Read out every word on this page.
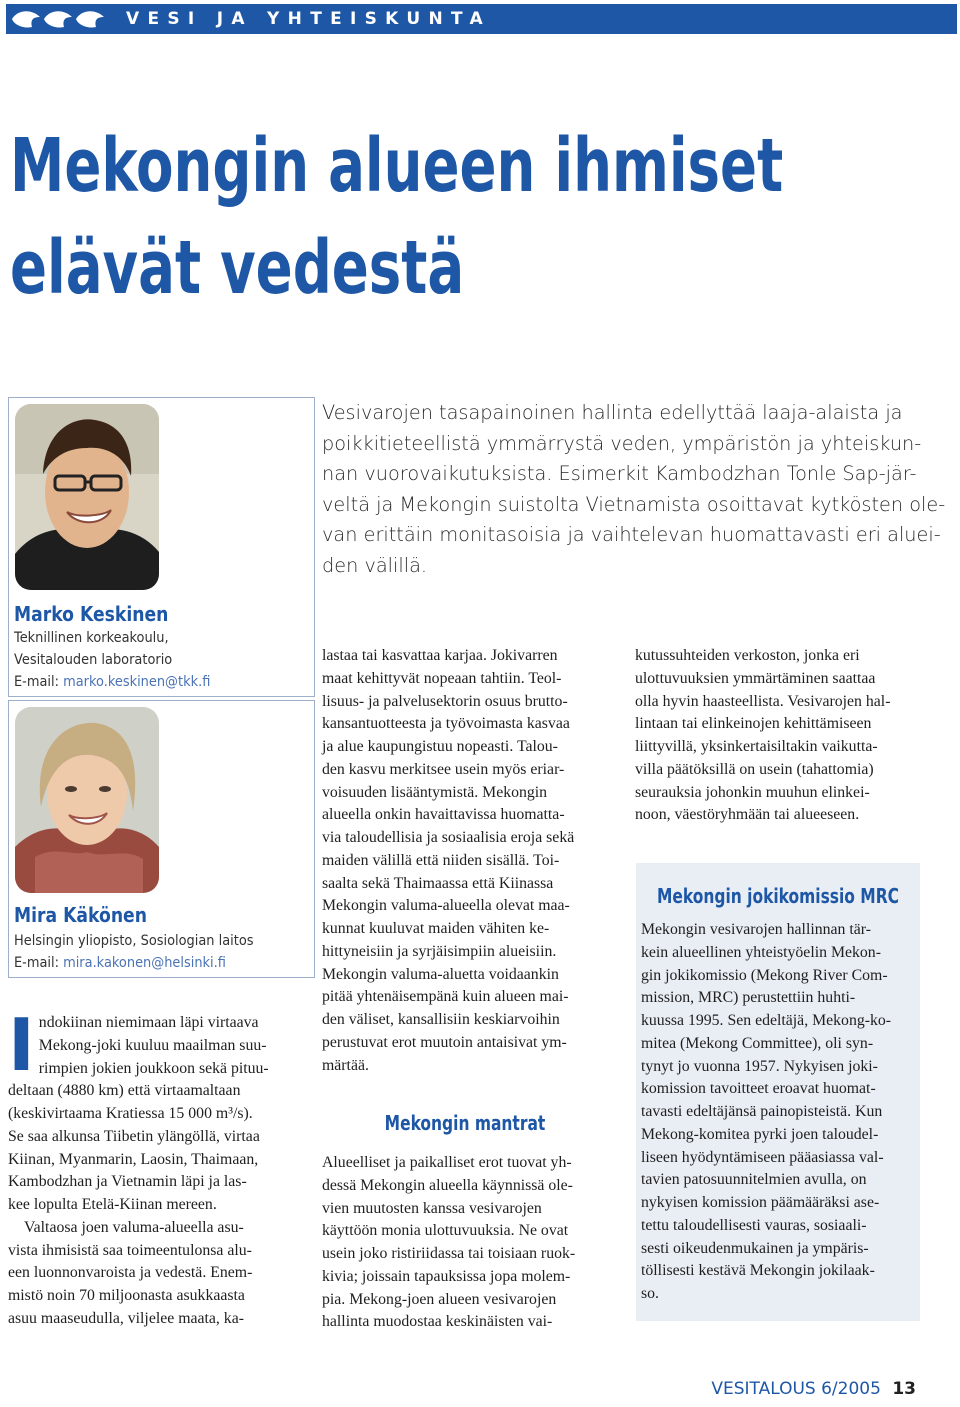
VESI JA YHTEISKUNTA
Mekongin alueen ihmiset
elävät vedestä
Marko Keskinen
Teknillinen korkeakoulu,
Vesitalouden laboratorio
E-mail: marko.keskinen@tkk.fi
Mira Käkönen
Helsingin yliopisto, Sosiologian laitos
E-mail: mira.kakonen@helsinki.fi
Vesivarojen tasapainoinen hallinta edellyttää laaja-alaista ja
poikkitieteellistä ymmärrystä veden, ympäristön ja yhteiskun-
nan vuorovaikutuksista. Esimerkit Kambodzhan Tonle Sap-jär-
veltä ja Mekongin suistolta Vietnamista osoittavat kytkösten ole-
van erittäin monitasoisia ja vaihtelevan huomattavasti eri aluei-
den välillä.
I ndokiinan niemimaan läpi virtaava
Mekong-joki kuuluu maailman suu-
rimpien jokien joukkoon sekä pituu-
deltaan (4880 km) että virtaamaltaan
(keskivirtaama Kratiessa 15 000 m³/s).
Se saa alkunsa Tiibetin ylängöllä, virtaa
Kiinan, Myanmarin, Laosin, Thaimaan,
Kambodzhan ja Vietnamin läpi ja las-
kee lopulta Etelä-Kiinan mereen.
Valtaosa joen valuma-alueella asu-
vista ihmisistä saa toimeentulonsa alu-
een luonnonvaroista ja vedestä. Enem-
mistö noin 70 miljoonasta asukkaasta
asuu maaseudulla, viljelee maata, ka-
lastaa tai kasvattaa karjaa. Jokivarren
maat kehittyvät nopeaan tahtiin. Teol-
lisuus- ja palvelusektorin osuus brutto-
kansantuotteesta ja työvoimasta kasvaa
ja alue kaupungistuu nopeasti. Talou-
den kasvu merkitsee usein myös eriar-
voisuuden lisääntymistä. Mekongin
alueella onkin havaittavissa huomatta-
via taloudellisia ja sosiaalisia eroja sekä
maiden välillä että niiden sisällä. Toi-
saalta sekä Thaimaassa että Kiinassa
Mekongin valuma-alueella olevat maa-
kunnat kuuluvat maiden vähiten ke-
hittyneisiin ja syrjäisimpiin alueisiin.
Mekongin valuma-aluetta voidaankin
pitää yhtenäisempänä kuin alueen mai-
den väliset, kansallisiin keskiarvoihin
perustuvat erot muutoin antaisivat ym-
märtää.
Mekongin mantrat
Alueelliset ja paikalliset erot tuovat yh-
dessä Mekongin alueella käynnissä ole-
vien muutosten kanssa vesivarojen
käyttöön monia ulottuvuuksia. Ne ovat
usein joko ristiriidassa tai toisiaan ruok-
kivia; joissain tapauksissa jopa molem-
pia. Mekong-joen alueen vesivarojen
hallinta muodostaa keskinäisten vai-
kutussuhteiden verkoston, jonka eri
ulottuvuuksien ymmärtäminen saattaa
olla hyvin haasteellista. Vesivarojen hal-
lintaan tai elinkeinojen kehittämiseen
liittyvillä, yksinkertaisiltakin vaikutta-
villa päätöksillä on usein (tahattomia)
seurauksia johonkin muuhun elinkei-
noon, väestöryhmään tai alueeseen.
Mekongin jokikomissio MRC
Mekongin vesivarojen hallinnan tär-
kein alueellinen yhteistyöelin Mekon-
gin jokikomissio (Mekong River Com-
mission, MRC) perustettiin huhti-
kuussa 1995. Sen edeltäjä, Mekong-ko-
mitea (Mekong Committee), oli syn-
tynyt jo vuonna 1957. Nykyisen joki-
komission tavoitteet eroavat huomat-
tavasti edeltäjänsä painopisteistä. Kun
Mekong-komitea pyrki joen taloudel-
liseen hyödyntämiseen pääasiassa val-
tavien patosuunnitelmien avulla, on
nykyisen komission päämääräksi ase-
tettu taloudellisesti vauras, sosiaali-
sesti oikeudenmukainen ja ympäris-
töllisesti kestävä Mekongin jokilaak-
so.
VESITALOUS 6/2005 13
